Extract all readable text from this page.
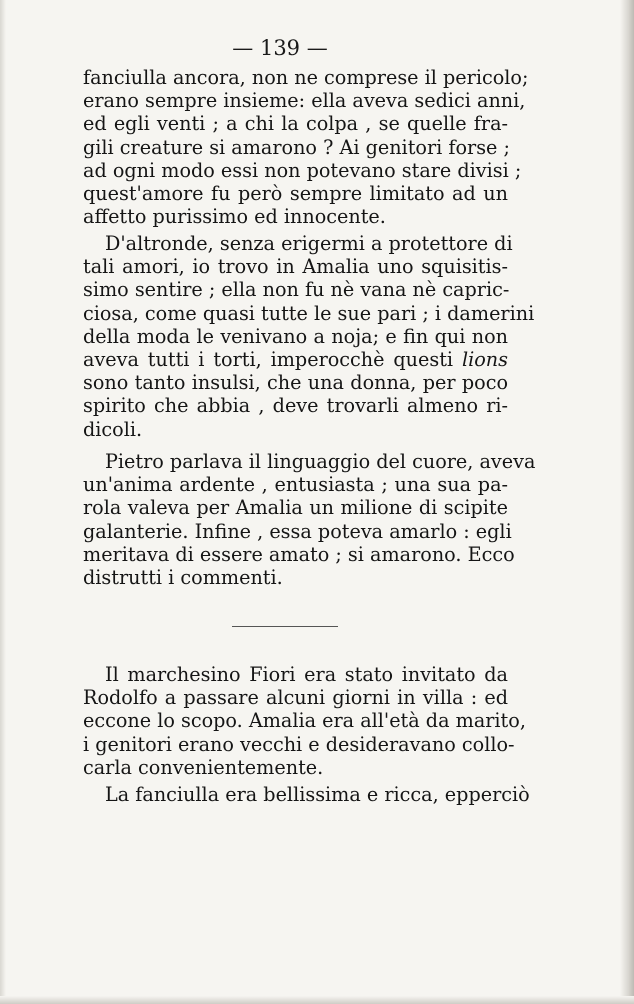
— 139 —
fanciulla ancora, non ne comprese il pericolo;
erano sempre insieme: ella aveva sedici anni,
ed egli venti ; a chi la colpa , se quelle fra-
gili creature si amarono ? Ai genitori forse ;
ad ogni modo essi non potevano stare divisi ;
quest'amore fu però sempre limitato ad un
affetto purissimo ed innocente.
D'altronde, senza erigermi a protettore di
tali amori, io trovo in Amalia uno squisitis-
simo sentire ; ella non fu nè vana nè capric-
ciosa, come quasi tutte le sue pari ; i damerini
della moda le venivano a noja; e fin qui non
aveva tutti i torti, imperocchè questi lions
sono tanto insulsi, che una donna, per poco
spirito che abbia , deve trovarli almeno ri-
dicoli.
Pietro parlava il linguaggio del cuore, aveva
un'anima ardente , entusiasta ; una sua pa-
rola valeva per Amalia un milione di scipite
galanterie. Infine , essa poteva amarlo : egli
meritava di essere amato ; si amarono. Ecco
distrutti i commenti.
Il marchesino Fiori era stato invitato da
Rodolfo a passare alcuni giorni in villa : ed
eccone lo scopo. Amalia era all'età da marito,
i genitori erano vecchi e desideravano collo-
carla convenientemente.
La fanciulla era bellissima e ricca, epperciò
